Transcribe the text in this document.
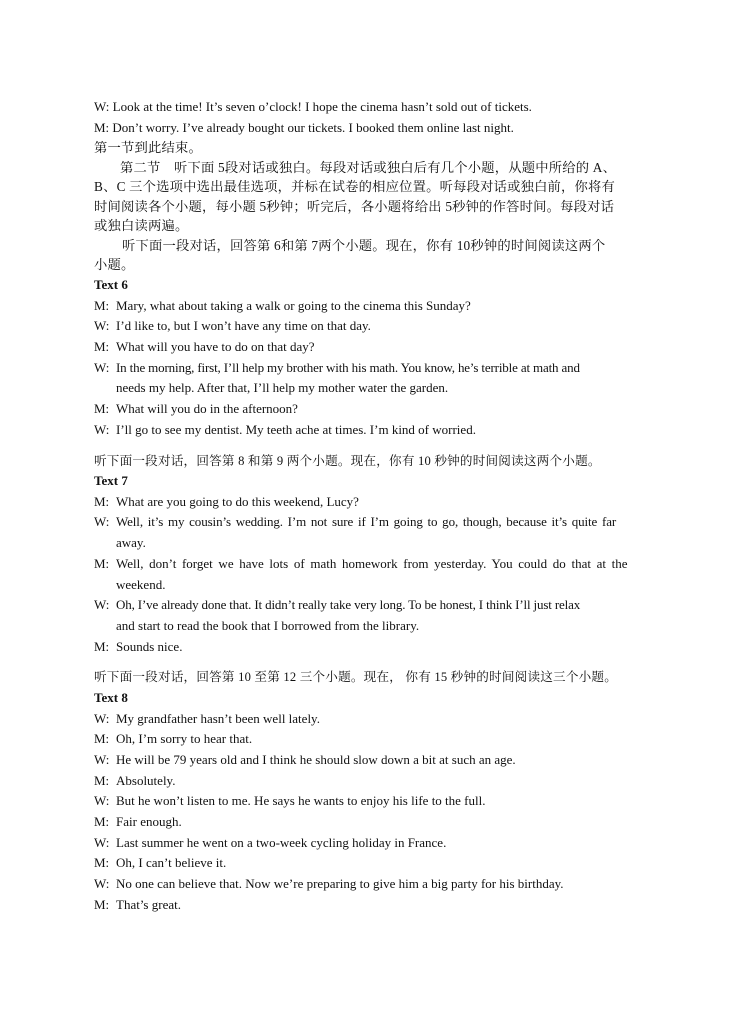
W: Look at the time! It’s seven o’clock! I hope the cinema hasn’t sold out of tickets.
M: Don’t worry. I’ve already bought our tickets. I booked them online last night.
第一节到此结束。
第二节　听下面 5段对话或独白。每段对话或独白后有几个小题，从题中所给的 A、
B、C 三个选项中选出最佳选项，并标在试卷的相应位置。听每段对话或独白前，你将有
时间阅读各个小题，每小题 5秒钟；听完后，各小题将给出 5秒钟的作答时间。每段对话
或独白读两遍。
听下面一段对话，回答第 6和第 7两个小题。现在，你有 10秒钟的时间阅读这两个
小题。
Text 6
M: Mary, what about taking a walk or going to the cinema this Sunday?
W: I’d like to, but I won’t have any time on that day.
M: What will you have to do on that day?
W: In the morning, first, I’ll help my brother with his math. You know, he’s terrible at math and
needs my help. After that, I’ll help my mother water the garden.
M: What will you do in the afternoon?
W: I’ll go to see my dentist. My teeth ache at times. I’m kind of worried.
听下面一段对话，回答第 8 和第 9 两个小题。现在，你有 10 秒钟的时间阅读这两个小题。
Text 7
M: What are you going to do this weekend, Lucy?
W: Well, it’s my cousin’s wedding. I’m not sure if I’m going to go, though, because it’s quite far
away.
M: Well, don’t forget we have lots of math homework from yesterday. You could do that at the
weekend.
W: Oh, I’ve already done that. It didn’t really take very long. To be honest, I think I’ll just relax
and start to read the book that I borrowed from the library.
M: Sounds nice.
听下面一段对话，回答第 10 至第 12 三个小题。现在， 你有 15 秒钟的时间阅读这三个小题。
Text 8
W: My grandfather hasn’t been well lately.
M: Oh, I’m sorry to hear that.
W: He will be 79 years old and I think he should slow down a bit at such an age.
M: Absolutely.
W: But he won’t listen to me. He says he wants to enjoy his life to the full.
M: Fair enough.
W: Last summer he went on a two-week cycling holiday in France.
M: Oh, I can’t believe it.
W: No one can believe that. Now we’re preparing to give him a big party for his birthday.
M: That’s great.
